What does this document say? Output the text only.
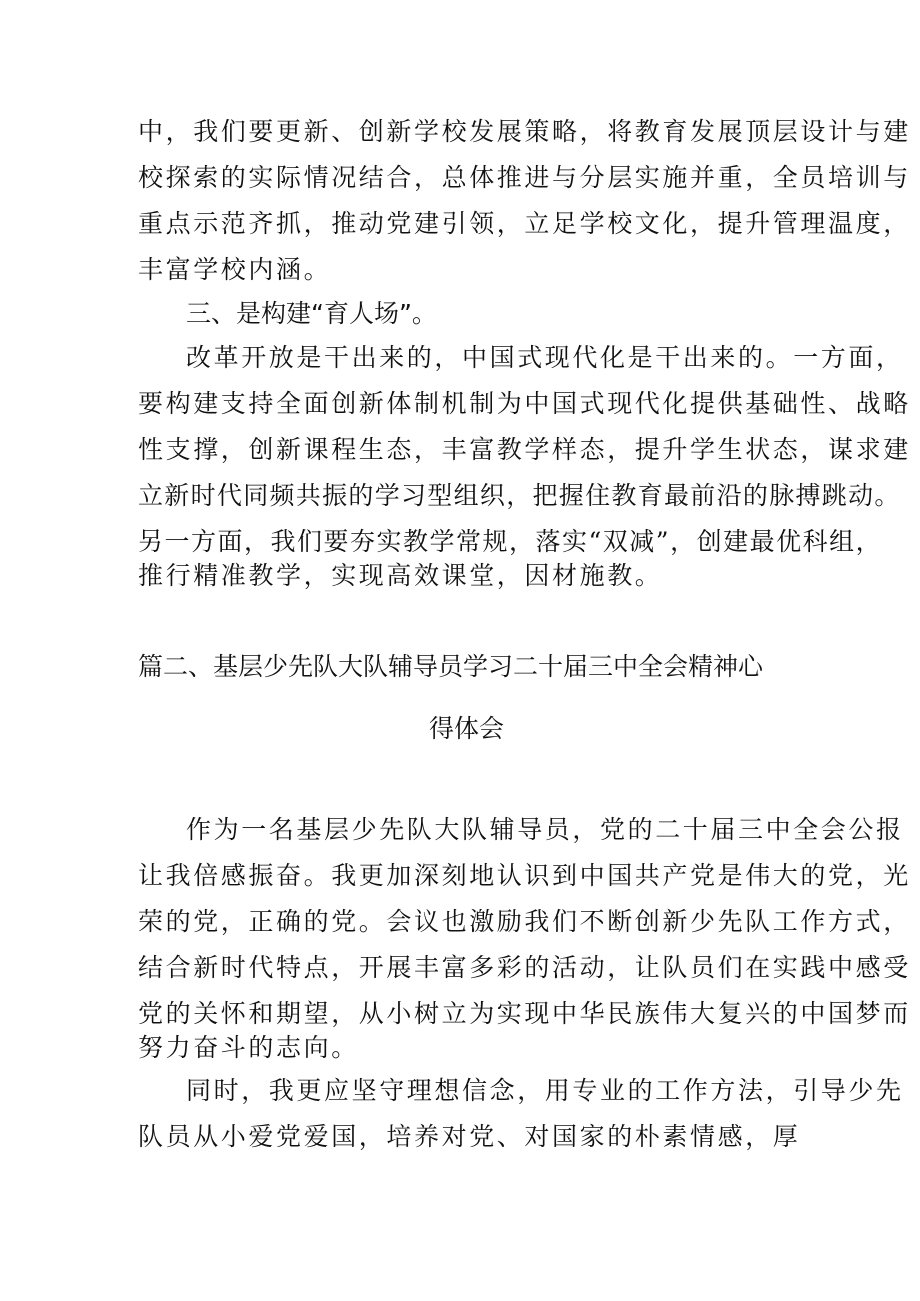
中，我们要更新、创新学校发展策略，将教育发展顶层设计与建
校探索的实际情况结合，总体推进与分层实施并重，全员培训与
重点示范齐抓，推动党建引领，立足学校文化，提升管理温度，
丰富学校内涵。
三、是构建“育人场”。
改革开放是干出来的，中国式现代化是干出来的。一方面，
要构建支持全面创新体制机制为中国式现代化提供基础性、战略
性支撑，创新课程生态，丰富教学样态，提升学生状态，谋求建
立新时代同频共振的学习型组织，把握住教育最前沿的脉搏跳动。
另一方面，我们要夯实教学常规，落实“双减”，创建最优科组，
推行精准教学，实现高效课堂，因材施教。
篇二、基层少先队大队辅导员学习二十届三中全会精神心
得体会
作为一名基层少先队大队辅导员，党的二十届三中全会公报
让我倍感振奋。我更加深刻地认识到中国共产党是伟大的党，光
荣的党，正确的党。会议也激励我们不断创新少先队工作方式，
结合新时代特点，开展丰富多彩的活动，让队员们在实践中感受
党的关怀和期望，从小树立为实现中华民族伟大复兴的中国梦而
努力奋斗的志向。
同时，我更应坚守理想信念，用专业的工作方法，引导少先
队员从小爱党爱国，培养对党、对国家的朴素情感，厚
